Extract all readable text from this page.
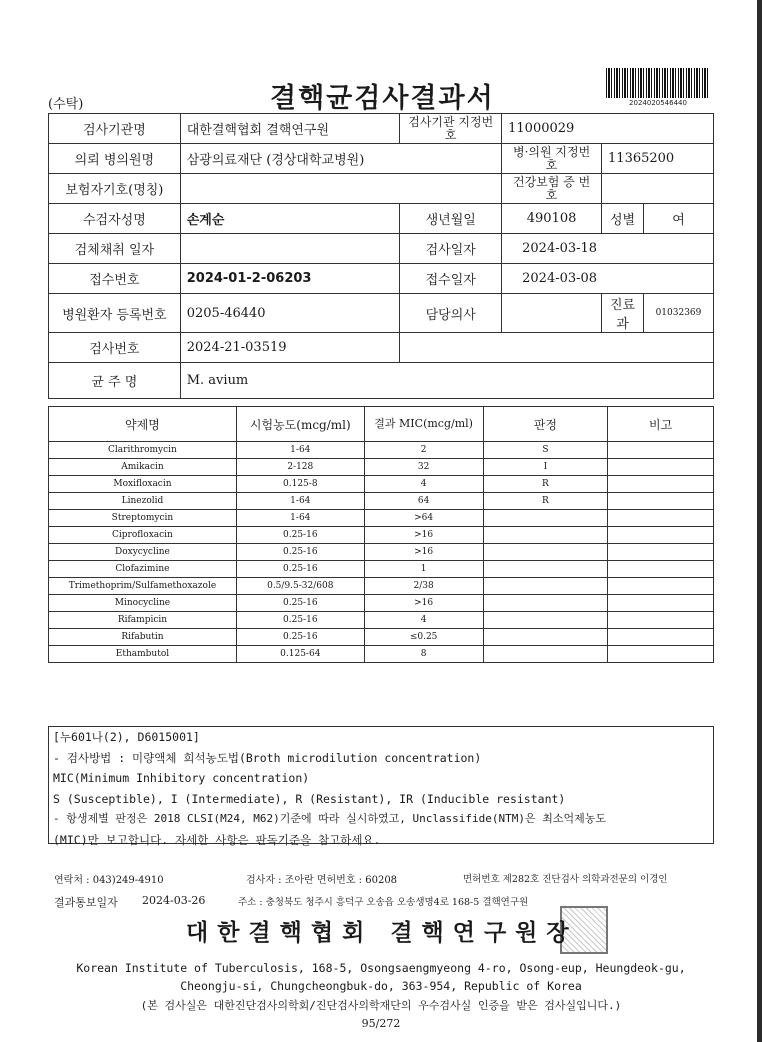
(수탁)	결핵균검사결과서	2024020546440
검사기관명	대한결핵협회 결핵연구원	검사기관 지정번호	11000029		
의뢰 병의원명	삼광의료재단 (경상대학교병원)		병·의원 지정번호	11365200	
보험자기호(명칭)			건강보험 증 번 호		
수검자성명	손계순	생년월일	490108	성별	여
검체채취 일자		검사일자	2024-03-18		
접수번호	2024-01-2-06203	접수일자	2024-03-08		
병원환자 등록번호	0205-46440	담당의사		진료과	01032369
검사번호	2024-21-03519				
균 주 명	M. avium				
약제명	시험농도(mcg/ml)	결과 MIC(mcg/ml)	판정	비고
Clarithromycin	1-64	2	S	
Amikacin	2-128	32	I	
Moxifloxacin	0.125-8	4	R	
Linezolid	1-64	64	R	
Streptomycin	1-64	>64		
Ciprofloxacin	0.25-16	>16		
Doxycycline	0.25-16	>16		
Clofazimine	0.25-16	1		
Trimethoprim/Sulfamethoxazole	0.5/9.5-32/608	2/38		
Minocycline	0.25-16	>16		
Rifampicin	0.25-16	4		
Rifabutin	0.25-16	≤0.25		
Ethambutol	0.125-64	8		
[누601나(2), D6015001]
- 검사방법 : 미량액체 희석농도법(Broth microdilution concentration)
MIC(Minimum Inhibitory concentration)
S (Susceptible), I (Intermediate), R (Resistant), IR (Inducible resistant)
- 항생제별 판정은 2018 CLSI(M24, M62)기준에 따라 실시하였고, Unclassifide(NTM)은 최소억제농도
(MIC)만 보고합니다. 자세한 사항은 판독기준을 참고하세요.
연락처 : 043)249-4910	검사자 : 조아란 면허번호 : 60208	면허번호 제282호 진단검사 의학과전문의 이경인
결과통보일자 2024-03-26	주소 : 충청북도 청주시 흥덕구 오송읍 오송생명4로 168-5 결핵연구원
대한결핵협회 결핵연구원장
Korean Institute of Tuberculosis, 168-5, Osongsaengmyeong 4-ro, Osong-eup, Heungdeok-gu,
Cheongju-si, Chungcheongbuk-do, 363-954, Republic of Korea
(본 검사실은 대한진단검사의학회/진단검사의학재단의 우수검사실 인증을 받은 검사실입니다.)
95/272
